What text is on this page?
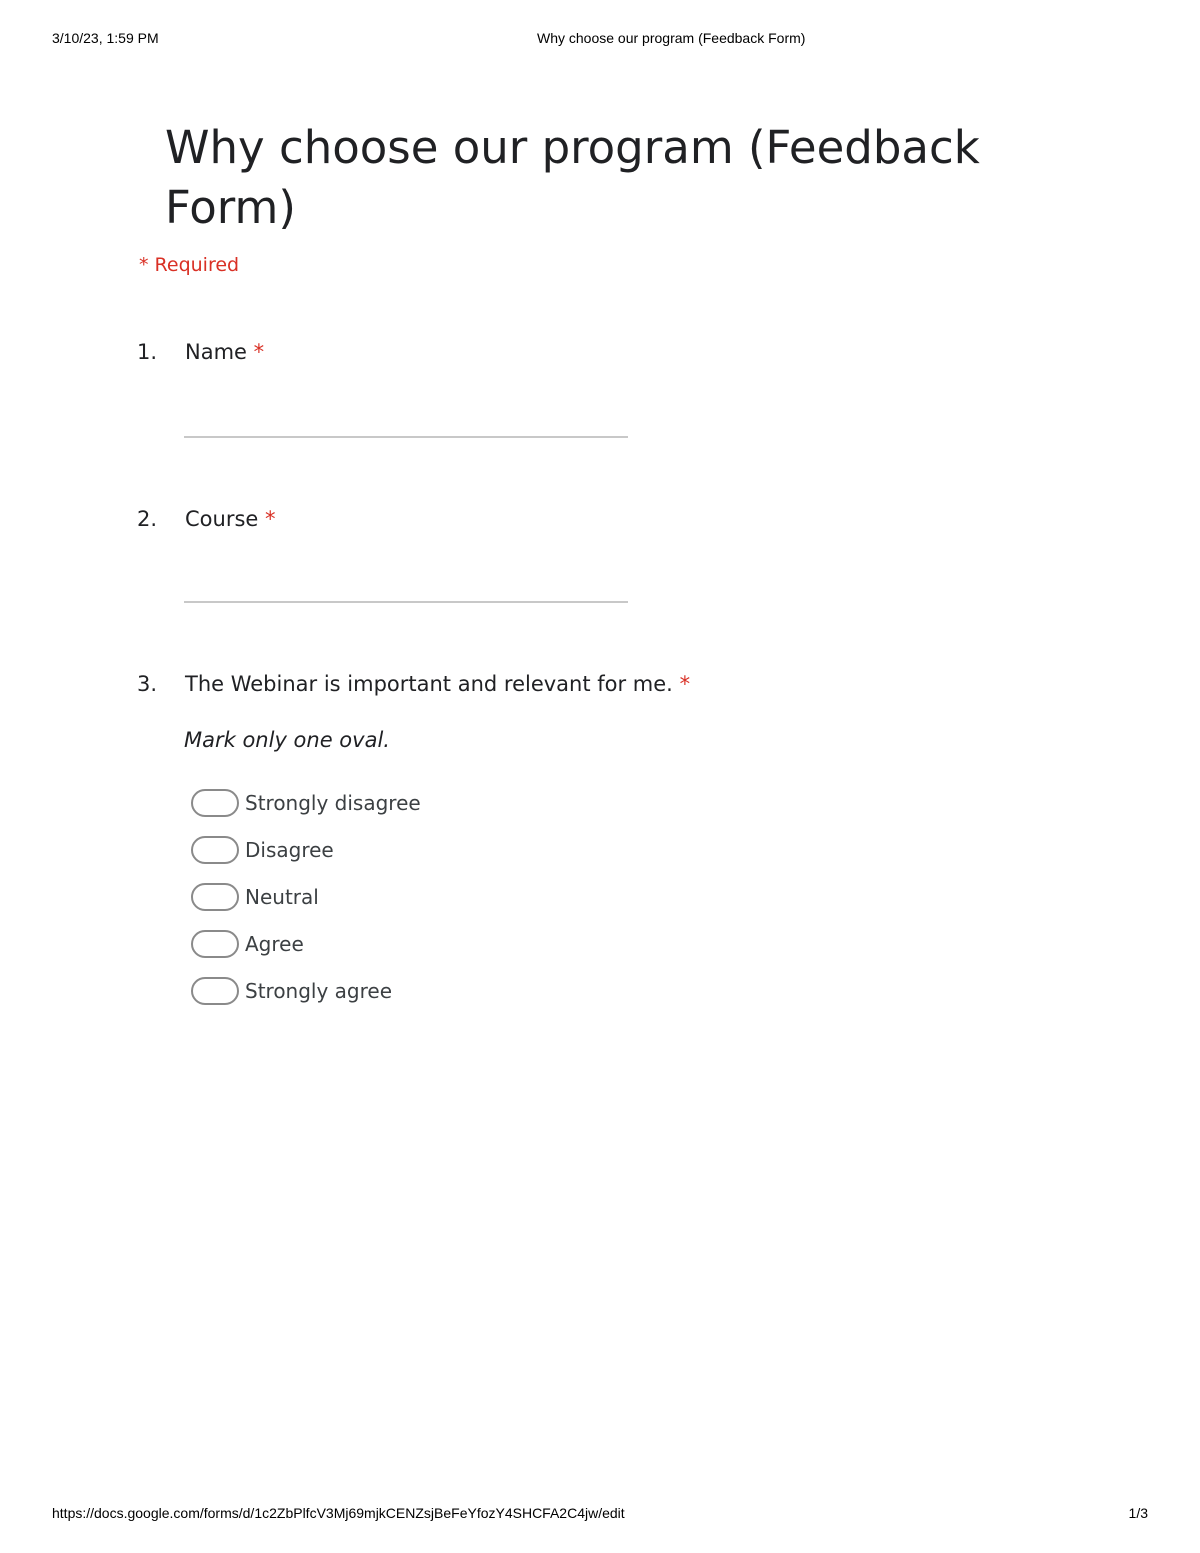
3/10/23, 1:59 PM	Why choose our program (Feedback Form)
Why choose our program (Feedback Form)
* Required
1. Name *
2. Course *
3. The Webinar is important and relevant for me. *
Mark only one oval.
Strongly disagree
Disagree
Neutral
Agree
Strongly agree
https://docs.google.com/forms/d/1c2ZbPlfcV3Mj69mjkCENZsjBeFeYfozY4SHCFA2C4jw/edit	1/3
